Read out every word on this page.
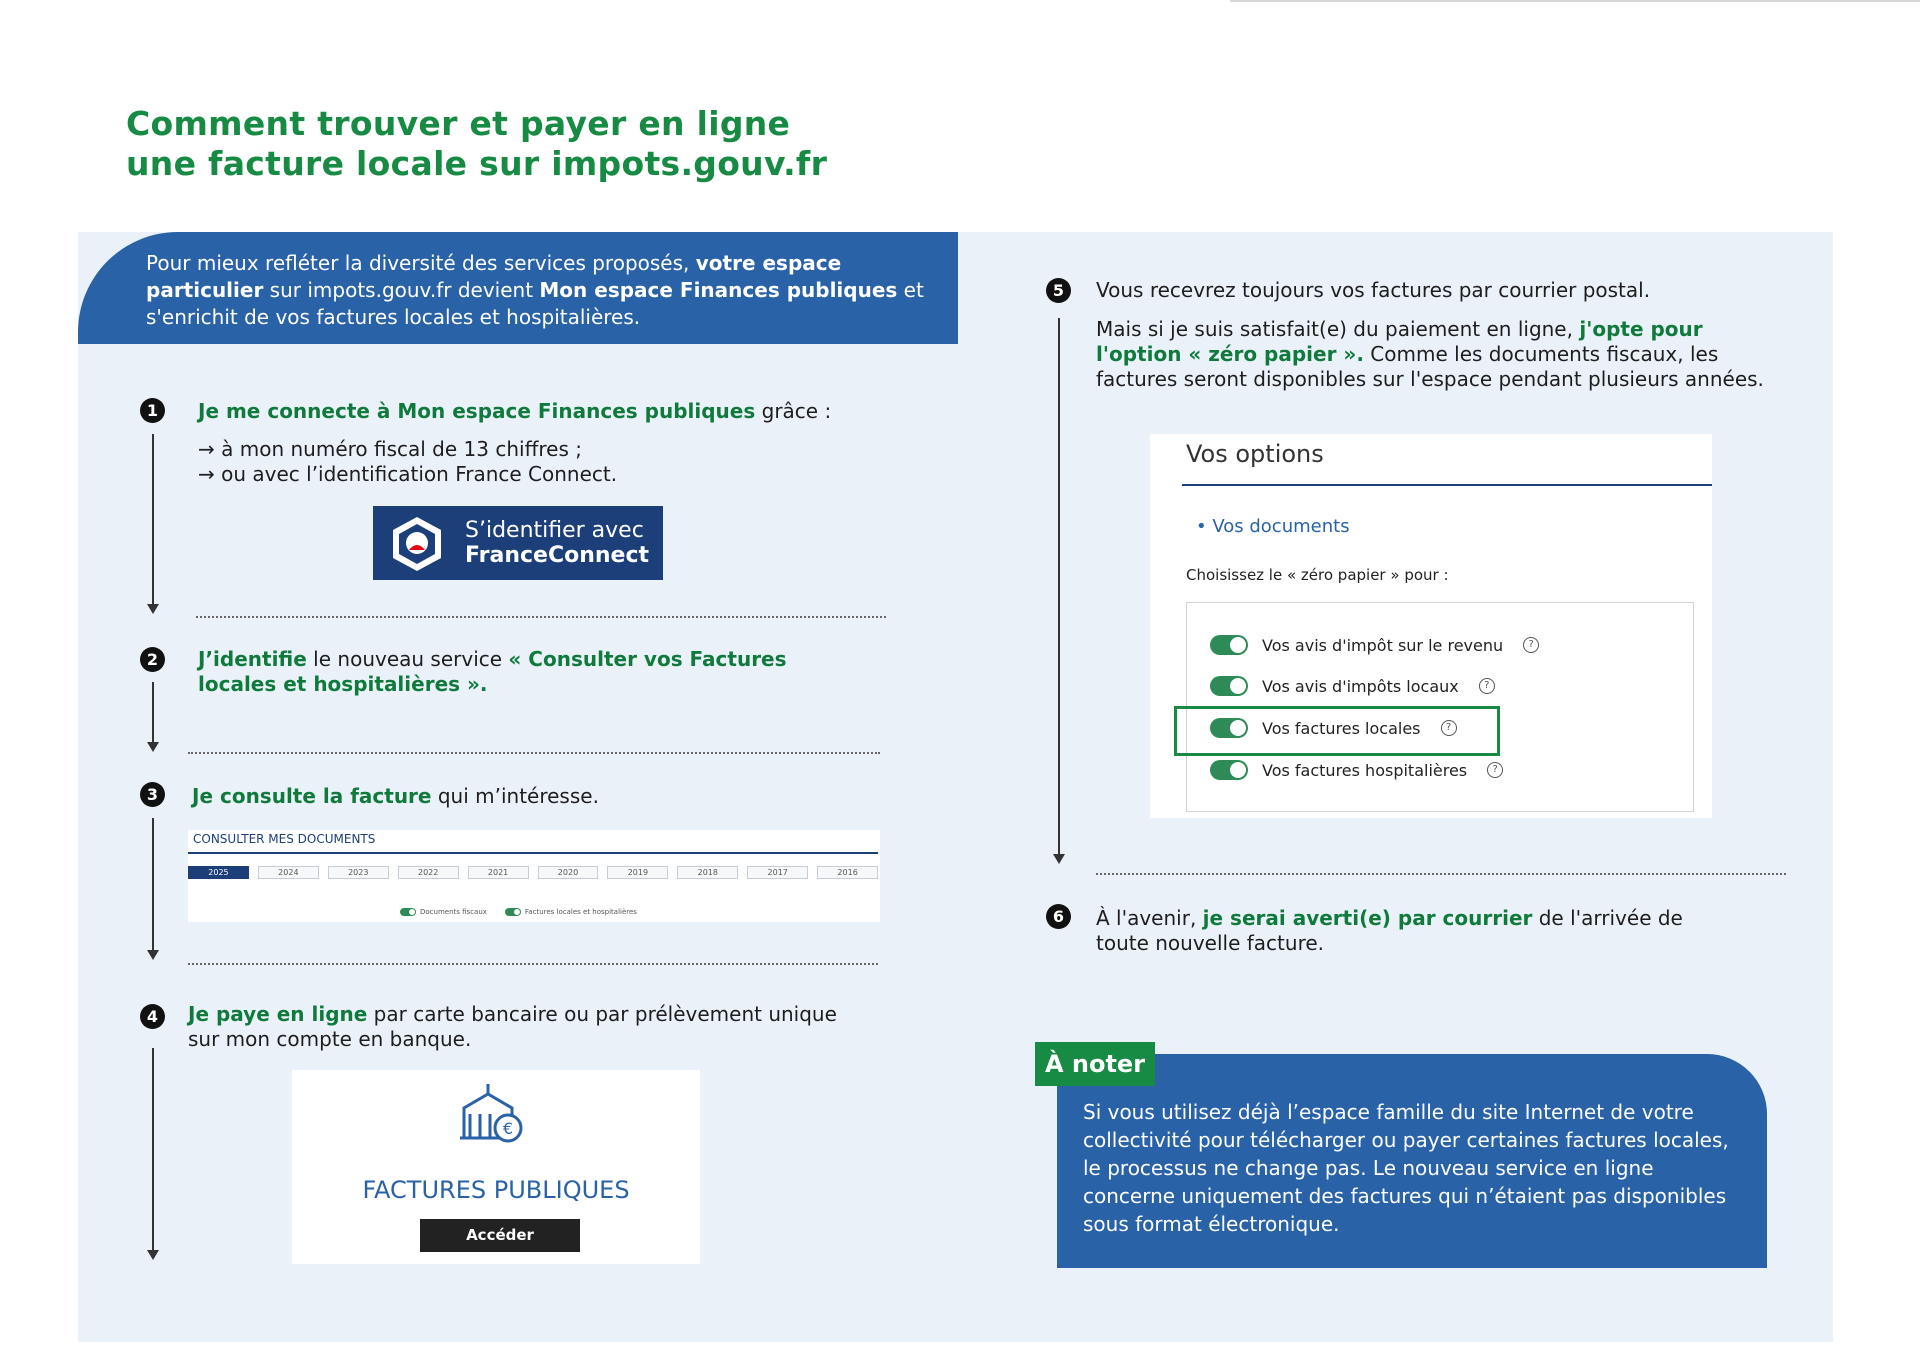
Comment trouver et payer en ligne
une facture locale sur impots.gouv.fr
Pour mieux refléter la diversité des services proposés, votre espace particulier sur impots.gouv.fr devient Mon espace Finances publiques et s'enrichit de vos factures locales et hospitalières.
1	Je me connecte à Mon espace Finances publiques grâce :
→ à mon numéro fiscal de 13 chiffres ;
→ ou avec l’identification France Connect.
S’identifier avec
FranceConnect
2	J’identifie le nouveau service « Consulter vos Factures locales et hospitalières ».
3	Je consulte la facture qui m’intéresse.
CONSULTER MES DOCUMENTS
2025	2024	2023	2022	2021	2020	2019	2018	2017	2016
Documents fiscaux	Factures locales et hospitalières
4	Je paye en ligne par carte bancaire ou par prélèvement unique sur mon compte en banque.
€
FACTURES PUBLIQUES
Accéder
5	Vous recevrez toujours vos factures par courrier postal.
Mais si je suis satisfait(e) du paiement en ligne, j'opte pour l'option « zéro papier ». Comme les documents fiscaux, les factures seront disponibles sur l'espace pendant plusieurs années.
Vos options
• Vos documents
Choisissez le « zéro papier » pour :
Vos avis d'impôt sur le revenu	?
Vos avis d'impôts locaux	?
Vos factures locales	?
Vos factures hospitalières	?
6	À l'avenir, je serai averti(e) par courrier de l'arrivée de toute nouvelle facture.
Si vous utilisez déjà l’espace famille du site Internet de votre collectivité pour télécharger ou payer certaines factures locales, le processus ne change pas. Le nouveau service en ligne concerne uniquement des factures qui n’étaient pas disponibles sous format électronique.
À noter
